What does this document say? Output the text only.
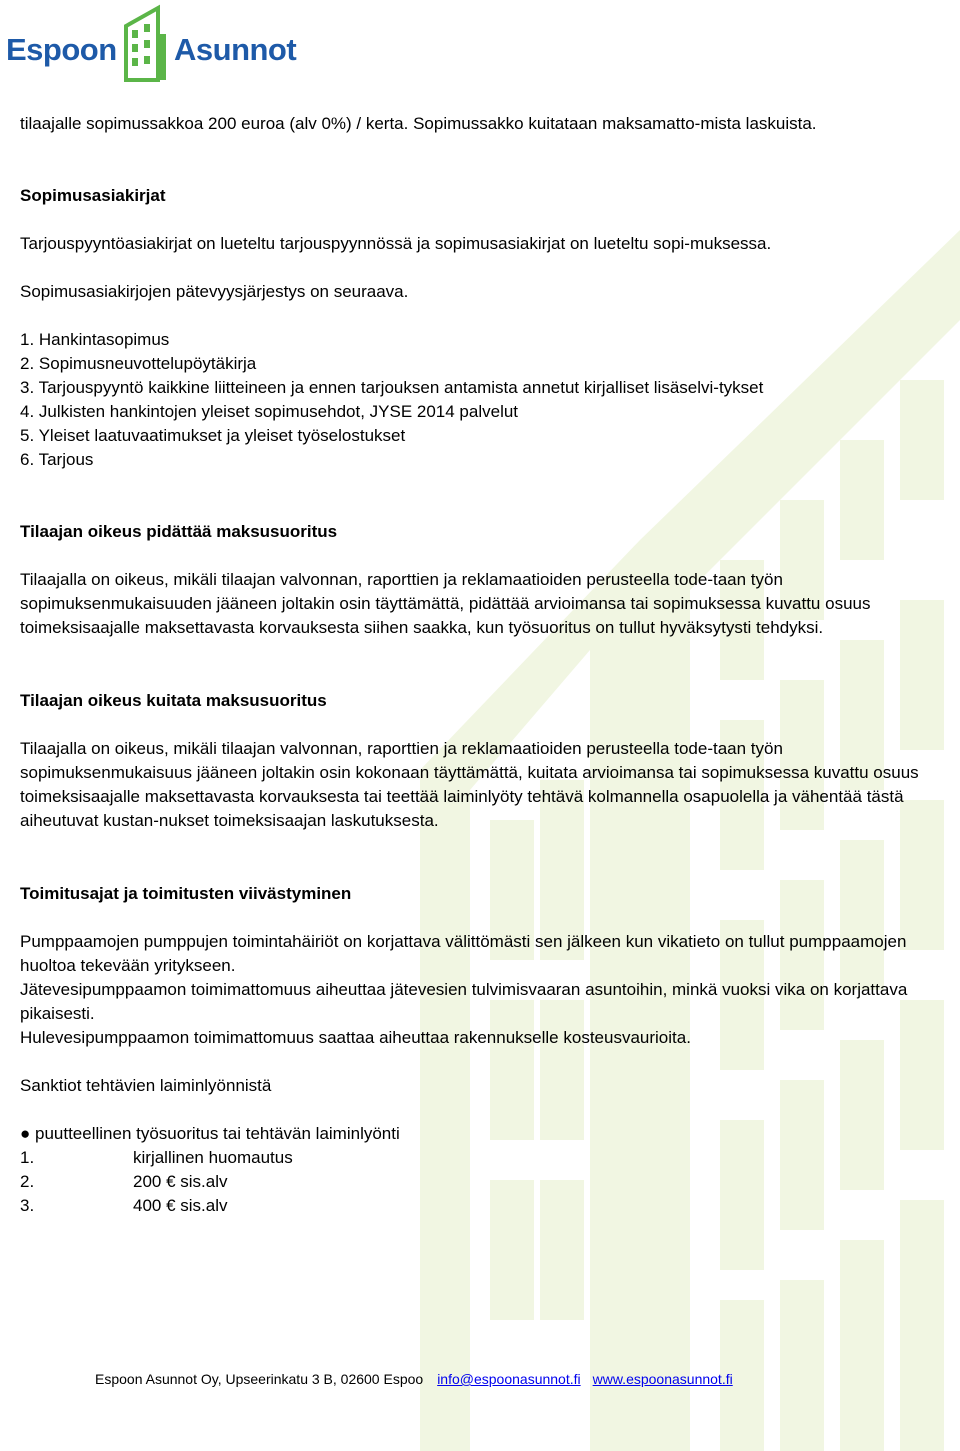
Espoon Asunnot

tilaajalle sopimussakkoa 200 euroa (alv 0%) / kerta. Sopimussakko kuitataan maksamatto-mista laskuista.

Sopimusasiakirjat

Tarjouspyyntöasiakirjat on lueteltu tarjouspyynnössä ja sopimusasiakirjat on lueteltu sopi-muksessa.

Sopimusasiakirjojen pätevyysjärjestys on seuraava.

1. Hankintasopimus
2. Sopimusneuvottelupöytäkirja
3. Tarjouspyyntö kaikkine liitteineen ja ennen tarjouksen antamista annetut kirjalliset lisäselvi-tykset
4. Julkisten hankintojen yleiset sopimusehdot, JYSE 2014 palvelut
5. Yleiset laatuvaatimukset ja yleiset työselostukset
6. Tarjous
Tilaajan oikeus pidättää maksusuoritus

Tilaajalla on oikeus, mikäli tilaajan valvonnan, raporttien ja reklamaatioiden perusteella tode-taan työn sopimuksenmukaisuuden jääneen joltakin osin täyttämättä, pidättää arvioimansa tai sopimuksessa kuvattu osuus toimeksisaajalle maksettavasta korvauksesta siihen saakka, kun työsuoritus on tullut hyväksytysti tehdyksi.

Tilaajan oikeus kuitata maksusuoritus

Tilaajalla on oikeus, mikäli tilaajan valvonnan, raporttien ja reklamaatioiden perusteella tode-taan työn sopimuksenmukaisuus jääneen joltakin osin kokonaan täyttämättä, kuitata arvioimansa tai sopimuksessa kuvattu osuus toimeksisaajalle maksettavasta korvauksesta tai teettää laiminlyöty tehtävä kolmannella osapuolella ja vähentää tästä aiheutuvat kustan-nukset toimeksisaajan laskutuksesta.

Toimitusajat ja toimitusten viivästyminen

Pumppaamojen pumppujen toimintahäiriöt on korjattava välittömästi sen jälkeen kun vikatieto on tullut pumppaamojen huoltoa tekevään yritykseen.

Jätevesipumppaamon toimimattomuus aiheuttaa jätevesien tulvimisvaaran asuntoihin, minkä vuoksi vika on korjattava pikaisesti.

Hulevesipumppaamon toimimattomuus saattaa aiheuttaa rakennukselle kosteusvaurioita.

Sanktiot tehtävien laiminlyönnistä

● puutteellinen työsuoritus tai tehtävän laiminlyönti
1.	kirjallinen huomautus
2.	200 € sis.alv
3.	400 € sis.alv
Espoon Asunnot Oy, Upseerinkatu 3 B, 02600 Espoo info@espoonasunnot.fi www.espoonasunnot.fi
